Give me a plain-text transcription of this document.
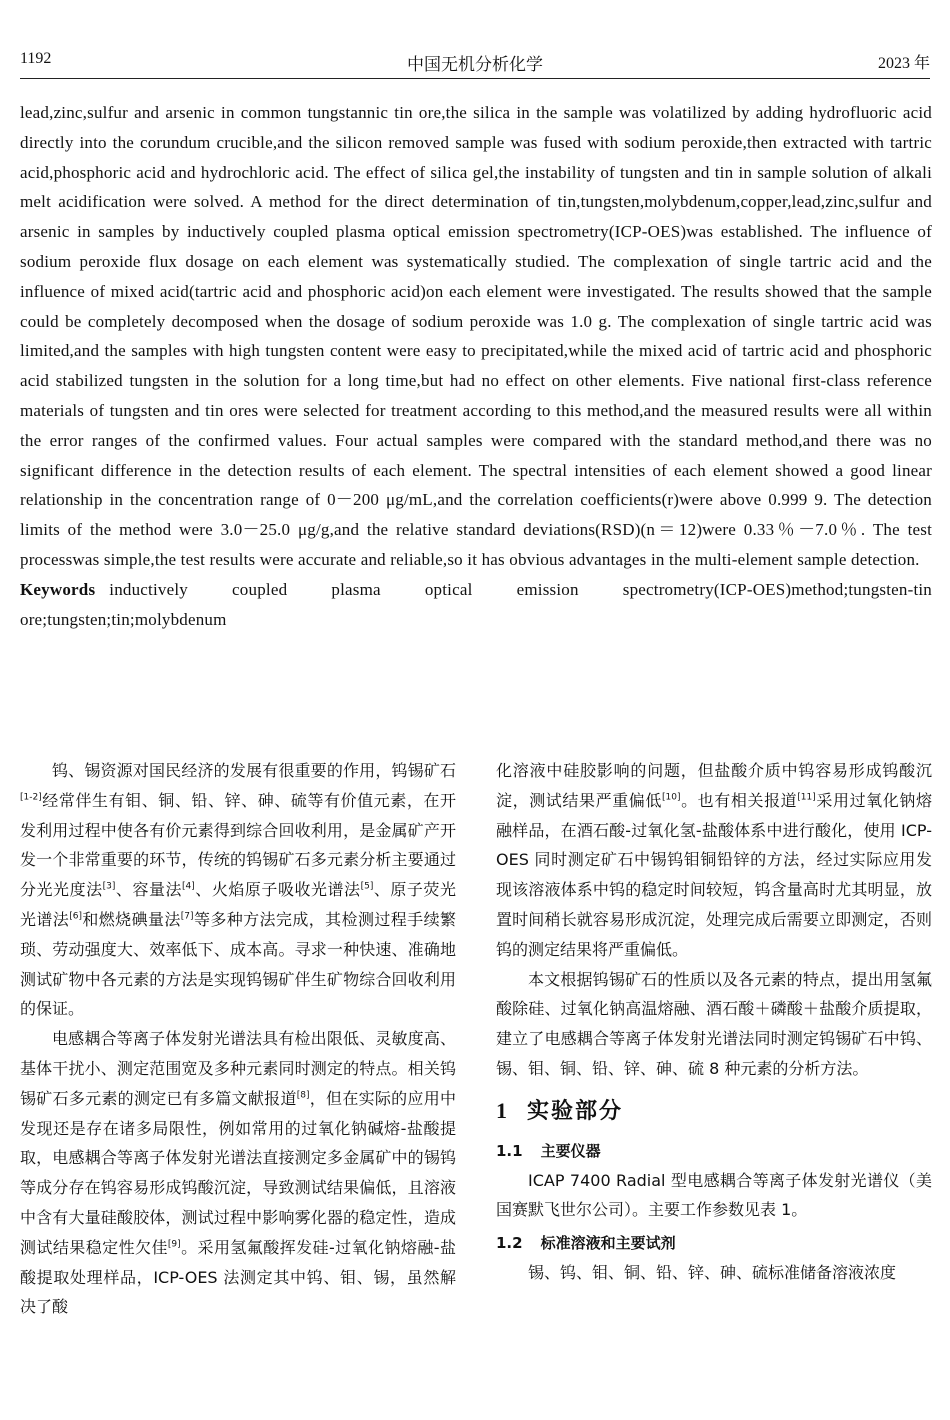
1192	中国无机分析化学	2023 年

lead,zinc,sulfur and arsenic in common tungstannic tin ore,the silica in the sample was volatilized by adding hydrofluoric acid directly into the corundum crucible,and the silicon removed sample was fused with sodium peroxide,then extracted with tartric acid,phosphoric acid and hydrochloric acid. The effect of silica gel,the instability of tungsten and tin in sample solution of alkali melt acidification were solved. A method for the direct determination of tin,tungsten,molybdenum,copper,lead,zinc,sulfur and arsenic in samples by inductively coupled plasma optical emission spectrometry(ICP-OES)was established. The influence of sodium peroxide flux dosage on each element was systematically studied. The complexation of single tartric acid and the influence of mixed acid(tartric acid and phosphoric acid)on each element were investigated. The results showed that the sample could be completely decomposed when the dosage of sodium peroxide was 1.0 g. The complexation of single tartric acid was limited,and the samples with high tungsten content were easy to precipitated,while the mixed acid of tartric acid and phosphoric acid stabilized tungsten in the solution for a long time,but had no effect on other elements. Five national first-class reference materials of tungsten and tin ores were selected for treatment according to this method,and the measured results were all within the error ranges of the confirmed values. Four actual samples were compared with the standard method,and there was no significant difference in the detection results of each element. The spectral intensities of each element showed a good linear relationship in the concentration range of 0－200 μg/mL,and the correlation coefficients(r)were above 0.999 9. The detection limits of the method were 3.0－25.0 μg/g,and the relative standard deviations(RSD)(n＝12)were 0.33％－7.0％. The test processwas simple,the test results were accurate and reliable,so it has obvious advantages in the multi-element sample detection.

Keywords inductively coupled plasma optical emission spectrometry(ICP-OES)method;tungsten-tin ore;tungsten;tin;molybdenum

钨、锡资源对国民经济的发展有很重要的作用，钨锡矿石[1-2]经常伴生有钼、铜、铅、锌、砷、硫等有价值元素，在开发利用过程中使各有价元素得到综合回收利用，是金属矿产开发一个非常重要的环节，传统的钨锡矿石多元素分析主要通过分光光度法[3]、容量法[4]、火焰原子吸收光谱法[5]、原子荧光光谱法[6]和燃烧碘量法[7]等多种方法完成，其检测过程手续繁琐、劳动强度大、效率低下、成本高。寻求一种快速、准确地测试矿物中各元素的方法是实现钨锡矿伴生矿物综合回收利用的保证。

电感耦合等离子体发射光谱法具有检出限低、灵敏度高、基体干扰小、测定范围宽及多种元素同时测定的特点。相关钨锡矿石多元素的测定已有多篇文献报道[8]，但在实际的应用中发现还是存在诸多局限性，例如常用的过氧化钠碱熔-盐酸提取，电感耦合等离子体发射光谱法直接测定多金属矿中的锡钨等成分存在钨容易形成钨酸沉淀，导致测试结果偏低，且溶液中含有大量硅酸胶体，测试过程中影响雾化器的稳定性，造成测试结果稳定性欠佳[9]。采用氢氟酸挥发硅-过氧化钠熔融-盐酸提取处理样品，ICP-OES 法测定其中钨、钼、锡，虽然解决了酸

化溶液中硅胶影响的问题，但盐酸介质中钨容易形成钨酸沉淀，测试结果严重偏低[10]。也有相关报道[11]采用过氧化钠熔融样品，在酒石酸-过氧化氢-盐酸体系中进行酸化，使用 ICP-OES 同时测定矿石中锡钨钼铜铅锌的方法，经过实际应用发现该溶液体系中钨的稳定时间较短，钨含量高时尤其明显，放置时间稍长就容易形成沉淀，处理完成后需要立即测定，否则钨的测定结果将严重偏低。

本文根据钨锡矿石的性质以及各元素的特点，提出用氢氟酸除硅、过氧化钠高温熔融、酒石酸＋磷酸＋盐酸介质提取，建立了电感耦合等离子体发射光谱法同时测定钨锡矿石中钨、锡、钼、铜、铅、锌、砷、硫 8 种元素的分析方法。

1 实验部分
1.1 主要仪器

ICAP 7400 Radial 型电感耦合等离子体发射光谱仪（美国赛默飞世尔公司）。主要工作参数见表 1。

1.2 标准溶液和主要试剂

锡、钨、钼、铜、铅、锌、砷、硫标准储备溶液浓度
